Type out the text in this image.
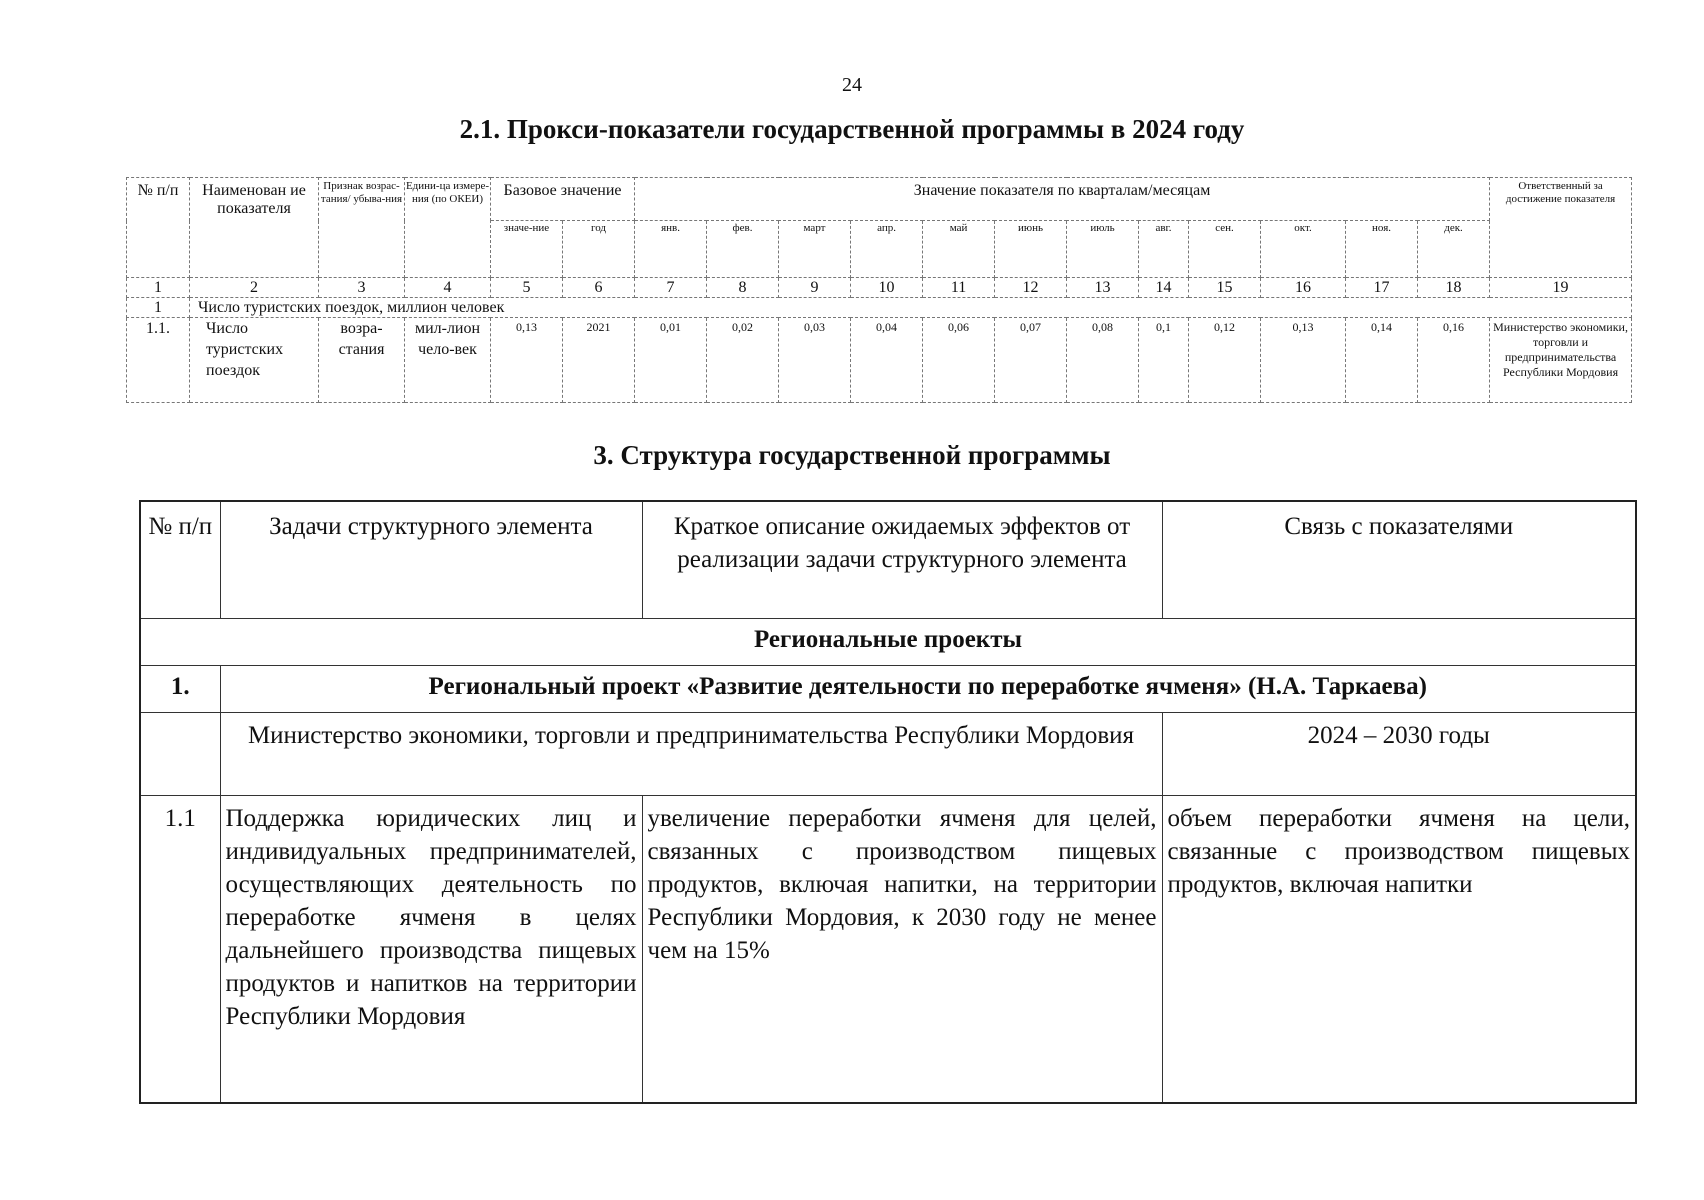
24
2.1. Прокси-показатели государственной программы в 2024 году
№ п/п	Наименован ие показателя	Признак возрас-тания/ убыва-ния	Едини-ца измере-ния (по ОКЕИ)	Базовое значение		Значение показателя по кварталам/месяцам												Ответственный за достижение показателя
				значе-ние	год	янв.	фев.	март	апр.	май	июнь	июль	авг.	сен.	окт.	ноя.	дек.	
1	2	3	4	5	6	7	8	9	10	11	12	13	14	15	16	17	18	19
1	Число туристских поездок, миллион человек																	
1.1.	Число туристских поездок	возра-стания	мил-лион чело-век	0,13	2021	0,01	0,02	0,03	0,04	0,06	0,07	0,08	0,1	0,12	0,13	0,14	0,16	Министерство экономики, торговли и предпринимательства Республики Мордовия
3. Структура государственной программы
№ п/п	Задачи структурного элемента	Краткое описание ожидаемых эффектов от реализации задачи структурного элемента	Связь с показателями
Региональные проекты			
1.	Региональный проект «Развитие деятельности по переработке ячменя» (Н.А. Таркаева)		
	Министерство экономики, торговли и предпринимательства Республики Мордовия		2024 – 2030 годы
1.1	Поддержка юридических лиц и индивидуальных предпринимателей, осуществляющих деятельность по переработке ячменя в целях дальнейшего производства пищевых продуктов и напитков на территории Республики Мордовия	увеличение переработки ячменя для целей, связанных с производством пищевых продуктов, включая напитки, на территории Республики Мордовия, к 2030 году не менее чем на 15%	объем переработки ячменя на цели, связанные с производством пищевых продуктов, включая напитки
